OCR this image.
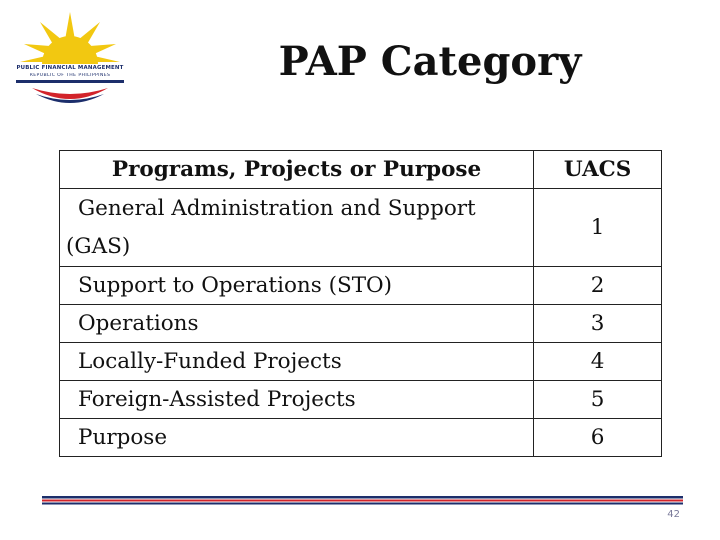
PUBLIC FINANCIAL MANAGEMENT
REPUBLIC OF THE PHILIPPINES	PAP Category
Programs, Projects or Purpose	UACS

General Administration and Support
(GAS)	1
Support to Operations (STO)	2
Operations	3
Locally-Funded Projects	4
Foreign-Assisted Projects	5
Purpose	6
42
